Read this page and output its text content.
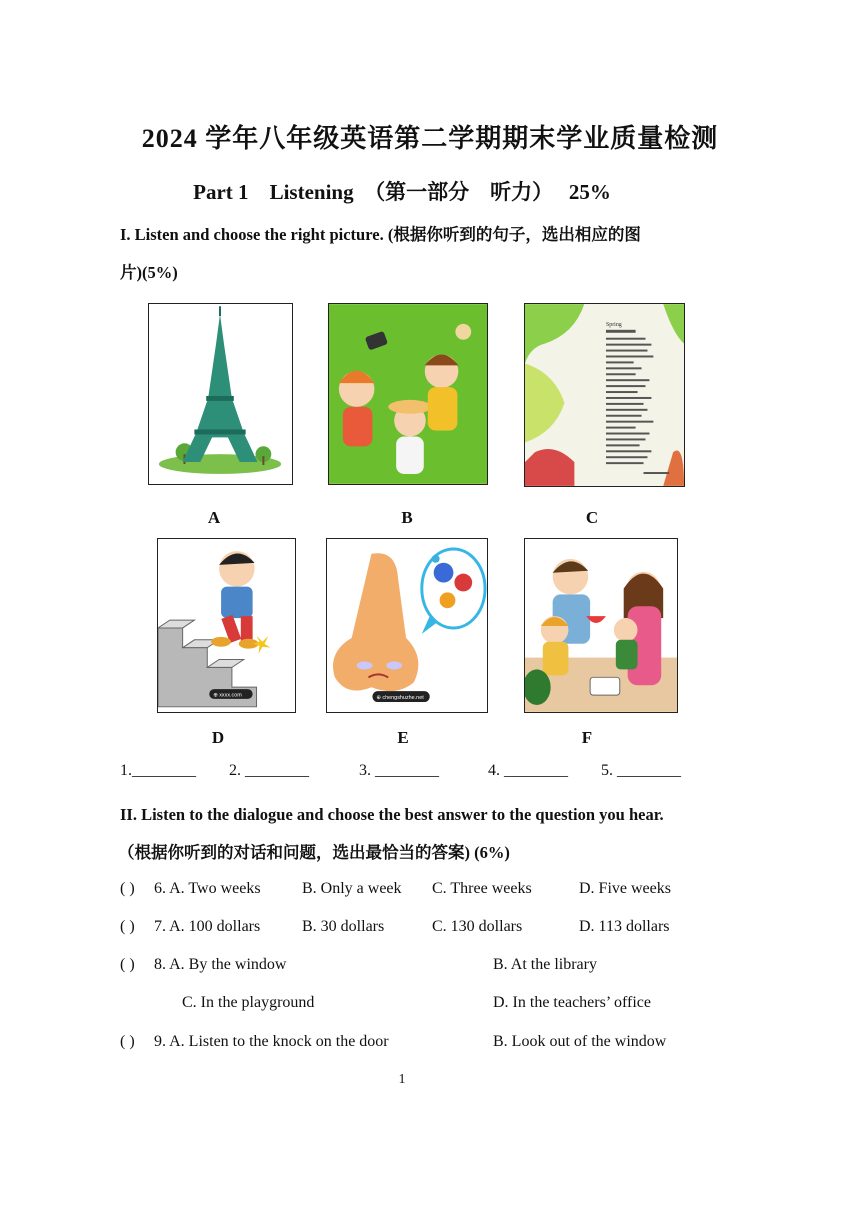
2024 学年八年级英语第二学期期末学业质量检测
Part 1 Listening （第一部分　听力） 25%
I. Listen and choose the right picture. (根据你听到的句子，选出相应的图
片)(5%)
Spring
A	B	C
⊕ xxxx.com	⊕ chengshuzhe.net
D	E	F
1.________ 2. ________	3. ________	4. ________ 5. ________
II. Listen to the dialogue and choose the best answer to the question you hear.
（根据你听到的对话和问题，选出最恰当的答案) (6%)
( ) 6. A. Two weeks	B. Only a week C. Three weeks	D. Five weeks
( ) 7. A. 100 dollars	B. 30 dollars	C. 130 dollars	D. 113 dollars
( ) 8. A. By the window	B. At the library
C. In the playground	D. In the teachers’ office
( ) 9. A. Listen to the knock on the door	B. Look out of the window
1
